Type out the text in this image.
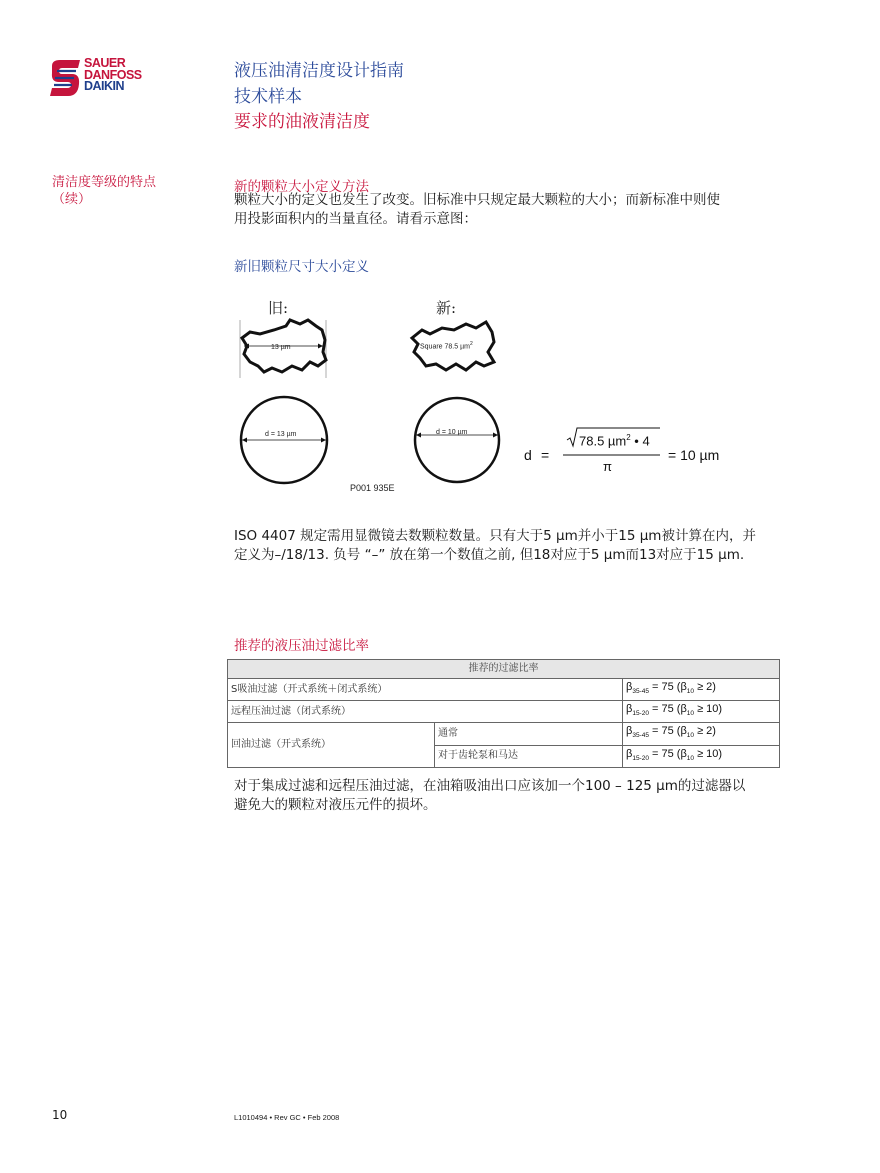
SAUER
DANFOSS
DAIKIN
液压油清洁度设计指南
技术样本
要求的油液清洁度
清洁度等级的特点
（续）
新的颗粒大小定义方法
颗粒大小的定义也发生了改变。旧标准中只规定最大颗粒的大小；而新标准中则使
用投影面积内的当量直径。请看示意图：
新旧颗粒尺寸大小定义
旧:	新:
13 µm	Square 78.5 µm$^2$
d = 13 µm	d = 10 µm
P001 935E
d =
78.5 µm$^2$ • 4
π
= 10 µm
ISO 4407 规定需用显微镜去数颗粒数量。只有大于5 µm并小于15 µm被计算在内，并
定义为–/18/13. 负号 “–” 放在第一个数值之前, 但18对应于5 µm而13对应于15 µm.
推荐的液压油过滤比率
推荐的过滤比率		
S吸油过滤（开式系统＋闭式系统）		$\beta_{35-45} = 75$ $(\beta_{10} \ge 2)$
远程压油过滤（闭式系统）		$\beta_{15-20} = 75$ $(\beta_{10} \ge 10)$
回油过滤（开式系统）	通常	$\beta_{35-45} = 75$ $(\beta_{10} \ge 2)$
	对于齿轮泵和马达	$\beta_{15-20} = 75$ $(\beta_{10} \ge 10)$
对于集成过滤和远程压油过滤，在油箱吸油出口应该加一个100 – 125 µm的过滤器以
避免大的颗粒对液压元件的损坏。
10	L1010494 • Rev GC • Feb 2008
